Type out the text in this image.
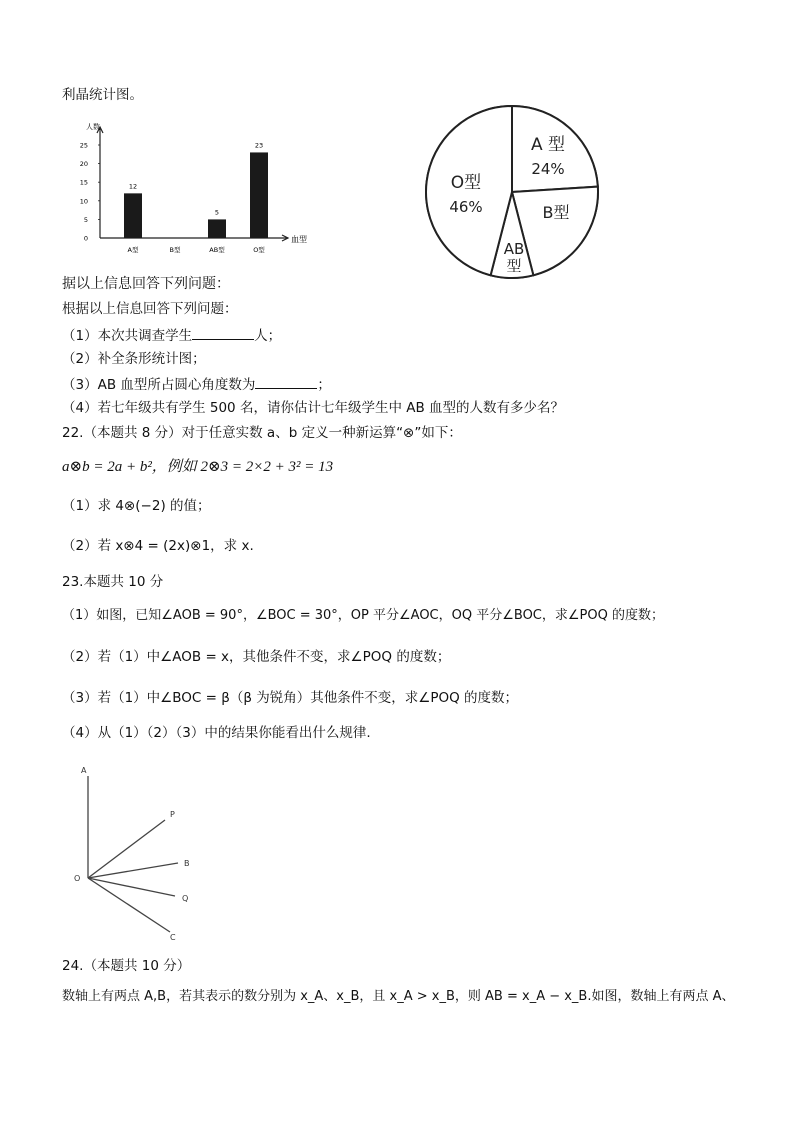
利晶统计图。
人数
血型
0
5
10
15
20
25
12
A型	B型
5
AB型
23
O型
A 型
24%
B型
AB
型
O型
46%
据以上信息回答下列问题：
根据以上信息回答下列问题：
（1）本次共调查学生	人；
（2）补全条形统计图；
（3）AB 血型所占圆心角度数为	；
（4）若七年级共有学生 500 名，请你估计七年级学生中 AB 血型的人数有多少名？
22.（本题共 8 分）对于任意实数 a、b 定义一种新运算“⊗”如下：
a⊗b = 2a + b²，例如 2⊗3 = 2×2 + 3² = 13
（1）求 4⊗(−2) 的值；
（2）若 x⊗4 = (2x)⊗1，求 x.
23.本题共 10 分
（1）如图，已知∠AOB = 90°，∠BOC = 30°，OP 平分∠AOC，OQ 平分∠BOC，求∠POQ 的度数；
（2）若（1）中∠AOB = x，其他条件不变，求∠POQ 的度数；
（3）若（1）中∠BOC = β（β 为锐角）其他条件不变，求∠POQ 的度数；
（4）从（1）（2）（3）中的结果你能看出什么规律.
A
O
P
B
Q
C
24.（本题共 10 分）
数轴上有两点 A,B，若其表示的数分别为 x_A、x_B，且 x_A > x_B，则 AB = x_A − x_B.如图，数轴上有两点 A、
